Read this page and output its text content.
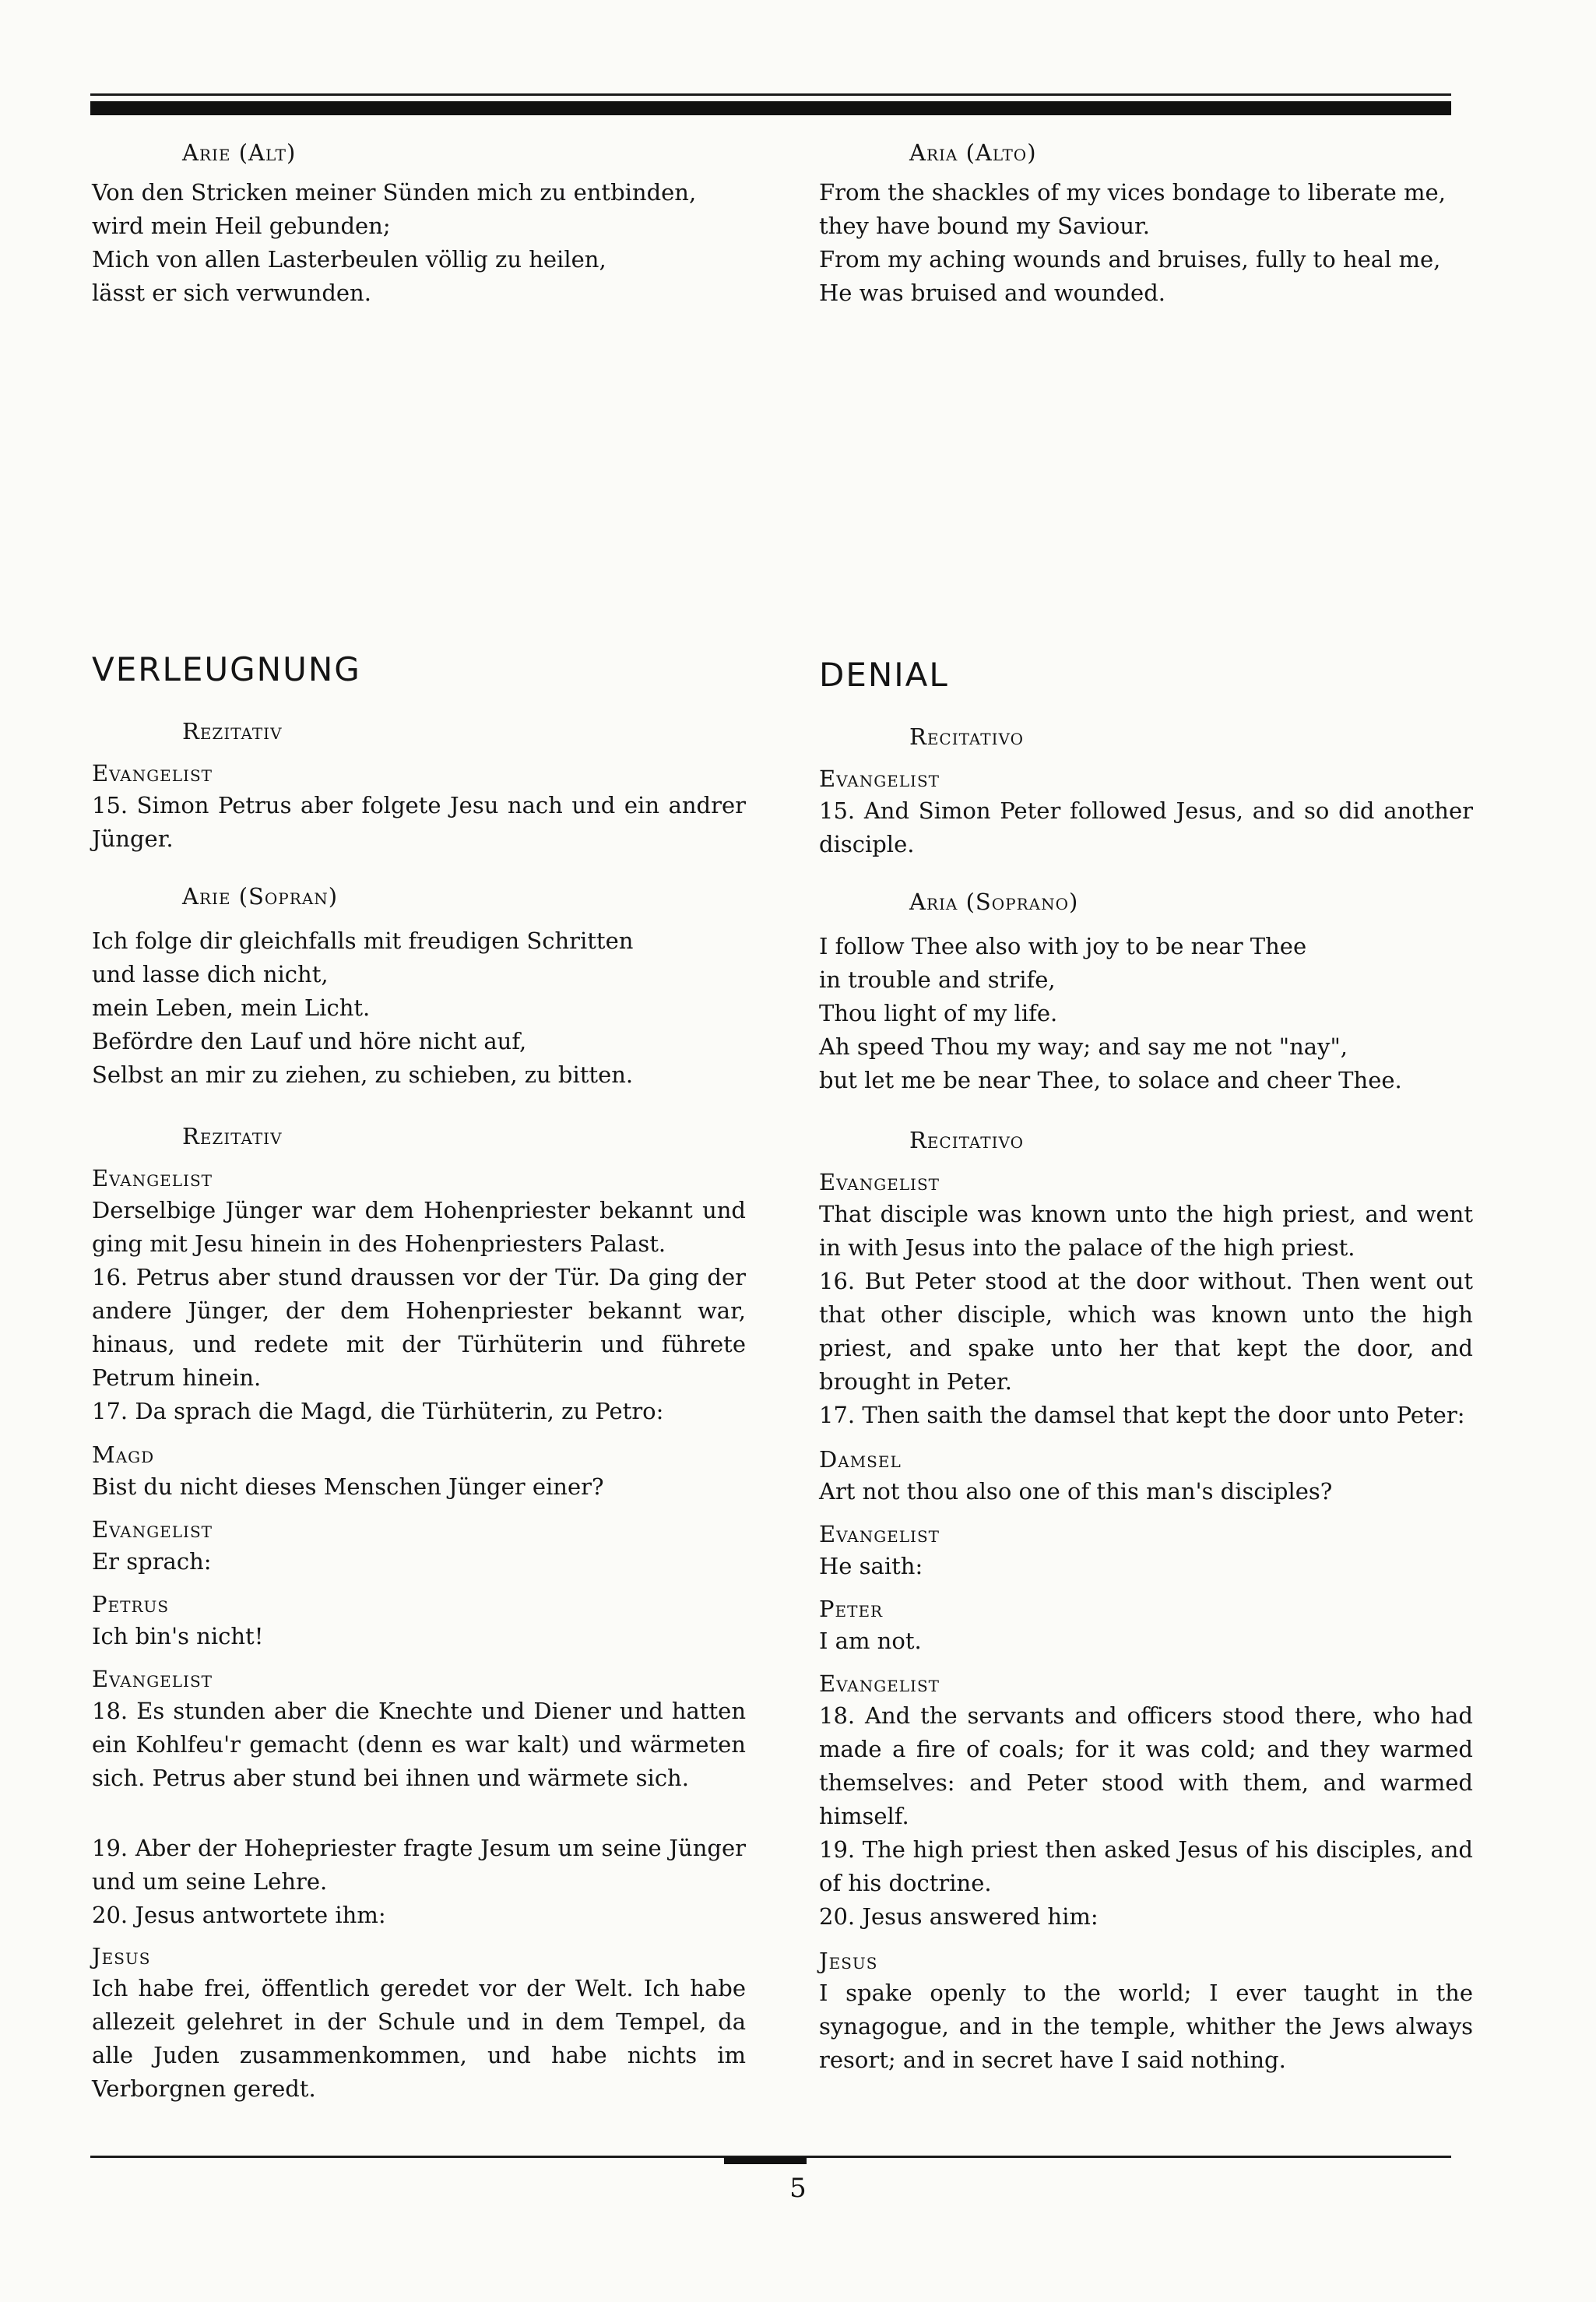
Arie (Alt)
Von den Stricken meiner Sünden mich zu entbinden,
wird mein Heil gebunden;
Mich von allen Lasterbeulen völlig zu heilen,
lässt er sich verwunden.
VERLEUGNUNG
Rezitativ
Evangelist
15. Simon Petrus aber folgete Jesu nach und ein andrer Jünger.
Arie (Sopran)
Ich folge dir gleichfalls mit freudigen Schritten
und lasse dich nicht,
mein Leben, mein Licht.
Befördre den Lauf und höre nicht auf,
Selbst an mir zu ziehen, zu schieben, zu bitten.
Rezitativ
Evangelist
Derselbige Jünger war dem Hohenpriester bekannt und ging mit Jesu hinein in des Hohenpriesters Palast.
16. Petrus aber stund draussen vor der Tür. Da ging der andere Jünger, der dem Hohenpriester bekannt war, hinaus, und redete mit der Türhüterin und führete Petrum hinein.
17. Da sprach die Magd, die Türhüterin, zu Petro:
Magd
Bist du nicht dieses Menschen Jünger einer?
Evangelist
Er sprach:
Petrus
Ich bin's nicht!
Evangelist
18. Es stunden aber die Knechte und Diener und hatten ein Kohlfeu'r gemacht (denn es war kalt) und wärmeten sich. Petrus aber stund bei ihnen und wärmete sich.
19. Aber der Hohepriester fragte Jesum um seine Jünger und um seine Lehre.
20. Jesus antwortete ihm:
Jesus
Ich habe frei, öffentlich geredet vor der Welt. Ich habe allezeit gelehret in der Schule und in dem Tempel, da alle Juden zusammenkommen, und habe nichts im Verborgnen geredt.
Aria (Alto)
From the shackles of my vices bondage to liberate me,
they have bound my Saviour.
From my aching wounds and bruises, fully to heal me,
He was bruised and wounded.
DENIAL
Recitativo
Evangelist
15. And Simon Peter followed Jesus, and so did another disciple.
Aria (Soprano)
I follow Thee also with joy to be near Thee
in trouble and strife,
Thou light of my life.
Ah speed Thou my way; and say me not "nay",
but let me be near Thee, to solace and cheer Thee.
Recitativo
Evangelist
That disciple was known unto the high priest, and went in with Jesus into the palace of the high priest.
16. But Peter stood at the door without. Then went out that other disciple, which was known unto the high priest, and spake unto her that kept the door, and brought in Peter.
17. Then saith the damsel that kept the door unto Peter:
Damsel
Art not thou also one of this man's disciples?
Evangelist
He saith:
Peter
I am not.
Evangelist
18. And the servants and officers stood there, who had made a fire of coals; for it was cold; and they warmed themselves: and Peter stood with them, and warmed himself.
19. The high priest then asked Jesus of his disciples, and of his doctrine.
20. Jesus answered him:
Jesus
I spake openly to the world; I ever taught in the synagogue, and in the temple, whither the Jews always resort; and in secret have I said nothing.
5
